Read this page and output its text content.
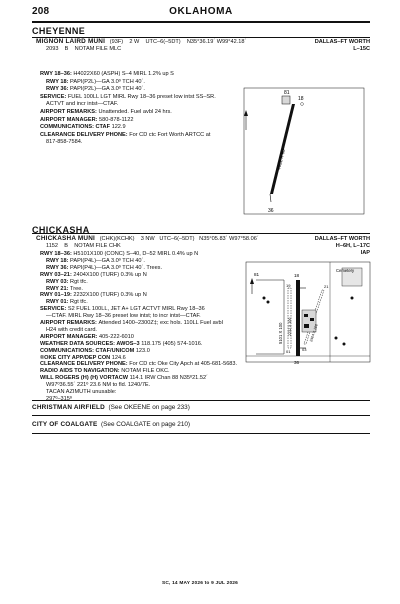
208	OKLAHOMA
CHEYENNE
MIGNON LAIRD MUNI (93F) 2 W UTC–6(–5DT) N35°36.19´ W99°42.18´	DALLAS–FT WORTH
2093 B NOTAM FILE MLC	L–15C
RWY 18–36: H4022X60 (ASPH) S–4 MIRL 1.2% up S
RWY 18: PAPI(P2L)—GA 3.0º TCH 40´.
RWY 36: PAPI(P2L)—GA 3.0º TCH 40´.
SERVICE: FUEL 100LL LGT MIRL Rwy 18–36 preset low intst SS–SR.
ACTVT and incr intst—CTAF.
AIRPORT REMARKS: Unattended. Fuel avbl 24 hrs.
AIRPORT MANAGER: 580-878-1122
COMMUNICATIONS: CTAF 122.9
CLEARANCE DELIVERY PHONE: For CD ctc Fort Worth ARTCC at
817-858-7584.
81
18
36
4022 X 60
CHICKASHA
CHICKASHA MUNI (CHK)(KCHK) 3 NW UTC–6(–5DT) N35°05.83´ W97°58.06´	DALLAS–FT WORTH
1152 B NOTAM FILE CHK	H–6H, L–17C
IAP
RWY 18–36: H5101X100 (CONC) S–40, D–52 MIRL 0.4% up N
RWY 18: PAPI(P4L)—GA 3.0º TCH 40´.
RWY 36: PAPI(P4L)—GA 3.0º TCH 40´. Trees.
RWY 03–21: 2404X100 (TURF) 0.3% up N
RWY 03: Rgt tfc.
RWY 21: Tree.
RWY 01–19: 2232X100 (TURF) 0.3% up N
RWY 01: Rgt tfc.
SERVICE: S2 FUEL 100LL, JET A+ LGT ACTVT MIRL Rwy 18–36
—CTAF. MIRL Rwy 18–36 preset low intst; to incr intst—CTAF.
AIRPORT REMARKS: Attended 1400–2300Z‡; exc hols. 110LL Fuel avbl
H24 with credit card.
AIRPORT MANAGER: 405-222-6010
WEATHER DATA SOURCES: AWOS–3 118.175 (405) 574-1016.
COMMUNICATIONS: CTAF/UNICOM 123.0
®OKE CITY APP/DEP CON 124.6
CLEARANCE DELIVERY PHONE: For CD ctc Oke City Apch at 405-681-5683.
RADIO AIDS TO NAVIGATION: NOTAM FILE OKC.
WILL ROGERS (H) (H) VORTACW 114.1 IRW Chan 88 N35º21.52´
W97º36.55´ 221º 23.6 NM to fld. 1240/7E.
TACAN AZIMUTH unusable:
297º–315º
Cemetery
18
36
5101 X 100 2232 X 100	2404 X 100
01
19
03
21
81
CHRISTMAN AIRFIELD (See OKEENE on page 233)
CITY OF COALGATE (See COALGATE on page 210)
SC, 14 MAY 2026 to 9 JUL 2026
